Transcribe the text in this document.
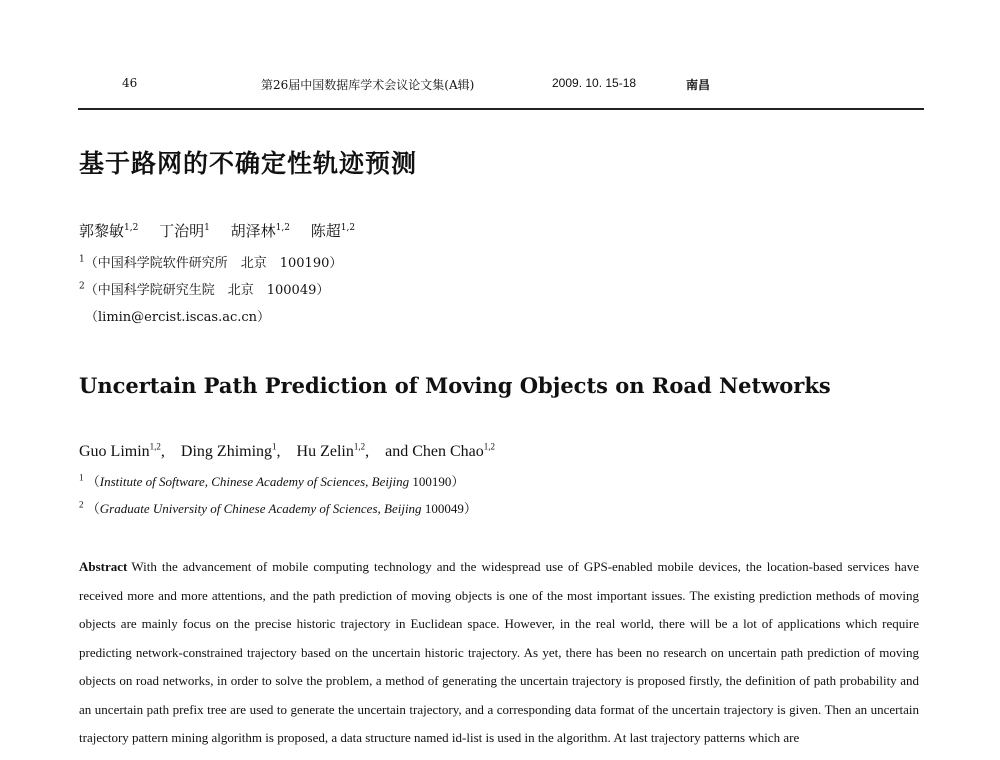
46	第26届中国数据库学术会议论文集(A辑)	2009. 10. 15-18	南昌
基于路网的不确定性轨迹预测
郭黎敏$^{1,2}$ 丁治明$^1$ 胡泽林$^{1,2}$ 陈超$^{1,2}$
$^1$（中国科学院软件研究所　北京　100190）
$^2$（中国科学院研究生院　北京　100049）
（limin@ercist.iscas.ac.cn）
Uncertain Path Prediction of Moving Objects on Road Networks
Guo Limin$^{1,2}$, Ding Zhiming$^1$, Hu Zelin$^{1,2}$, and Chen Chao$^{1,2}$
$^1$ （Institute of Software, Chinese Academy of Sciences, Beijing 100190）
$^2$ （Graduate University of Chinese Academy of Sciences, Beijing 100049）
Abstract With the advancement of mobile computing technology and the widespread use of GPS-enabled mobile devices, the location-based services have received more and more attentions, and the path prediction of moving objects is one of the most important issues. The existing prediction methods of moving objects are mainly focus on the precise historic trajectory in Euclidean space. However, in the real world, there will be a lot of applications which require predicting network-constrained trajectory based on the uncertain historic trajectory. As yet, there has been no research on uncertain path prediction of moving objects on road networks, in order to solve the problem, a method of generating the uncertain trajectory is proposed firstly, the definition of path probability and an uncertain path prefix tree are used to generate the uncertain trajectory, and a corresponding data format of the uncertain trajectory is given. Then an uncertain trajectory pattern mining algorithm is proposed, a data structure named id-list is used in the algorithm. At last trajectory patterns which are
